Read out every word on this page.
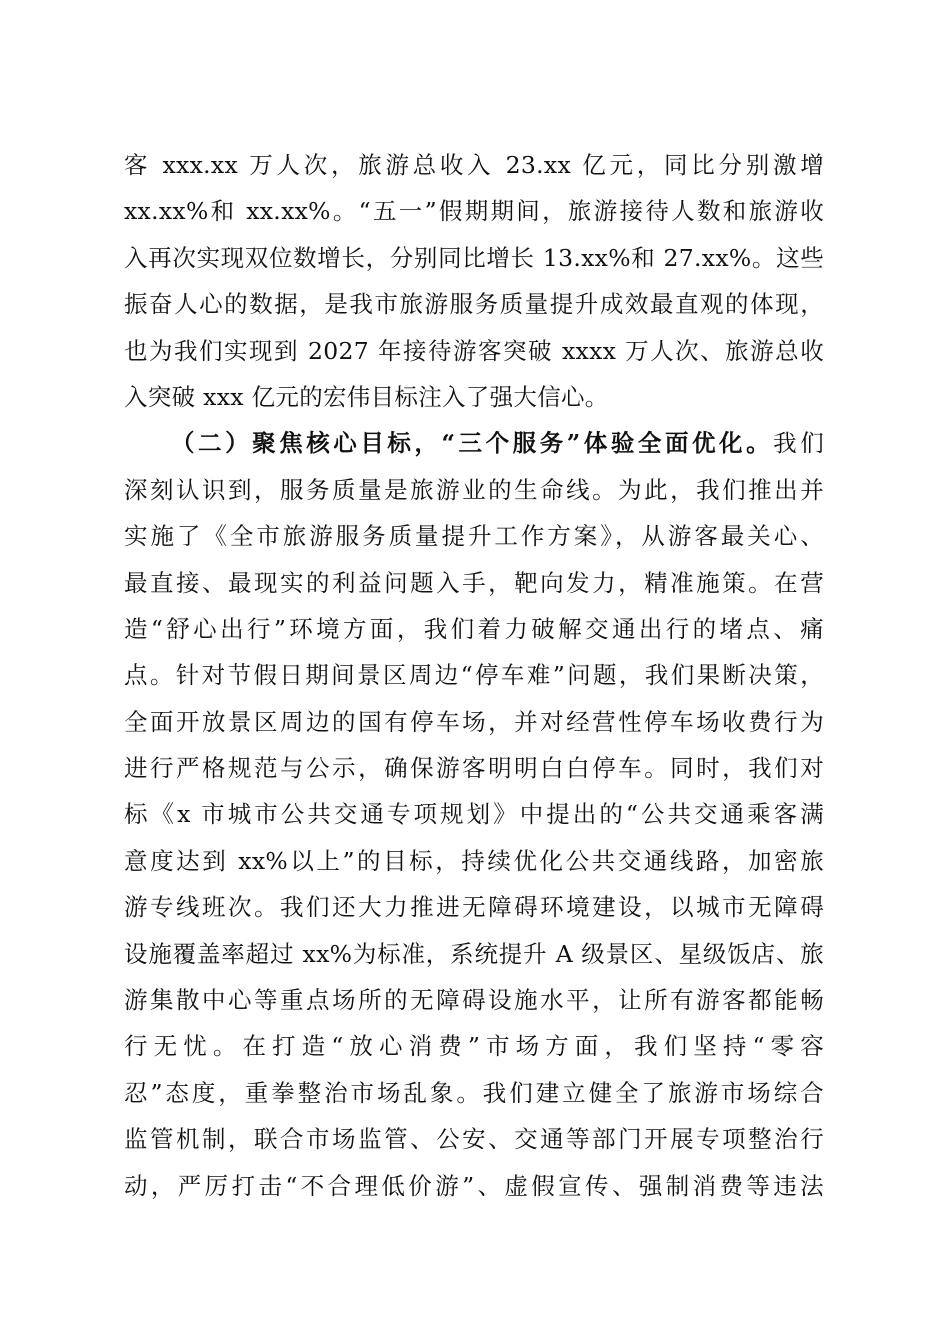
客 xxx.xx 万人次，旅游总收入 23.xx 亿元，同比分别激增
xx.xx%和 xx.xx%。“五一”假期期间，旅游接待人数和旅游收
入再次实现双位数增长，分别同比增长 13.xx%和 27.xx%。这些
振奋人心的数据，是我市旅游服务质量提升成效最直观的体现，
也为我们实现到 2027 年接待游客突破 xxxx 万人次、旅游总收
入突破 xxx 亿元的宏伟目标注入了强大信心。
（二）聚焦核心目标，“三个服务”体验全面优化。我们
深刻认识到，服务质量是旅游业的生命线。为此，我们推出并
实施了《全市旅游服务质量提升工作方案》，从游客最关心、
最直接、最现实的利益问题入手，靶向发力，精准施策。在营
造“舒心出行”环境方面，我们着力破解交通出行的堵点、痛
点。针对节假日期间景区周边“停车难”问题，我们果断决策，
全面开放景区周边的国有停车场，并对经营性停车场收费行为
进行严格规范与公示，确保游客明明白白停车。同时，我们对
标《x 市城市公共交通专项规划》中提出的“公共交通乘客满
意度达到 xx%以上”的目标，持续优化公共交通线路，加密旅
游专线班次。我们还大力推进无障碍环境建设，以城市无障碍
设施覆盖率超过 xx%为标准，系统提升 A 级景区、星级饭店、旅
游集散中心等重点场所的无障碍设施水平，让所有游客都能畅
行无忧。在打造“放心消费”市场方面，我们坚持“零容
忍”态度，重拳整治市场乱象。我们建立健全了旅游市场综合
监管机制，联合市场监管、公安、交通等部门开展专项整治行
动，严厉打击“不合理低价游”、虚假宣传、强制消费等违法
